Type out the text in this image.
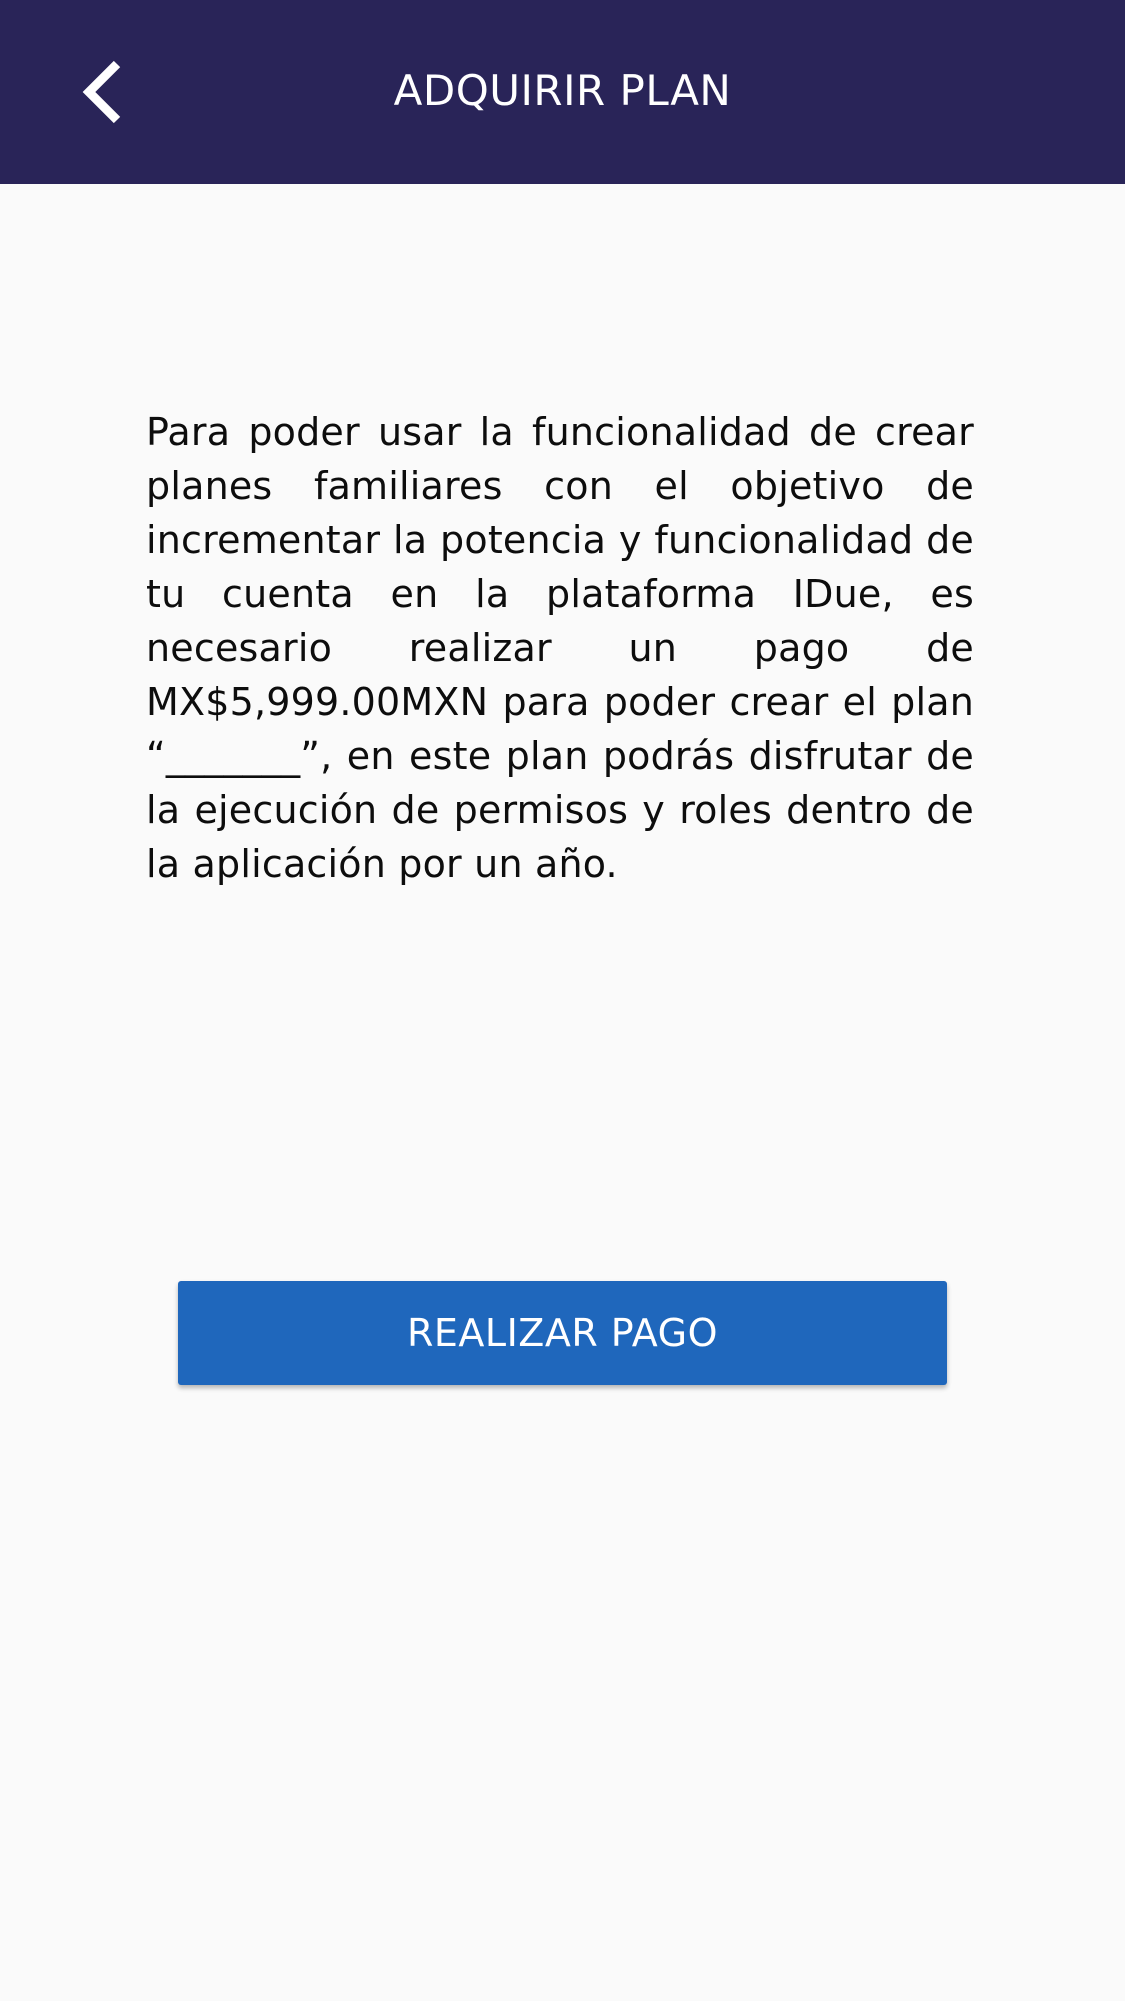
ADQUIRIR PLAN

Para poder usar la funcionalidad de crear planes familiares con el objetivo de incrementar la potencia y funcionalidad de tu cuenta en la plataforma IDue, es necesario realizar un pago de MX$5,999.00MXN para poder crear el plan “_______”, en este plan podrás disfrutar de la ejecución de permisos y roles dentro de la aplicación por un año.

REALIZAR PAGO
